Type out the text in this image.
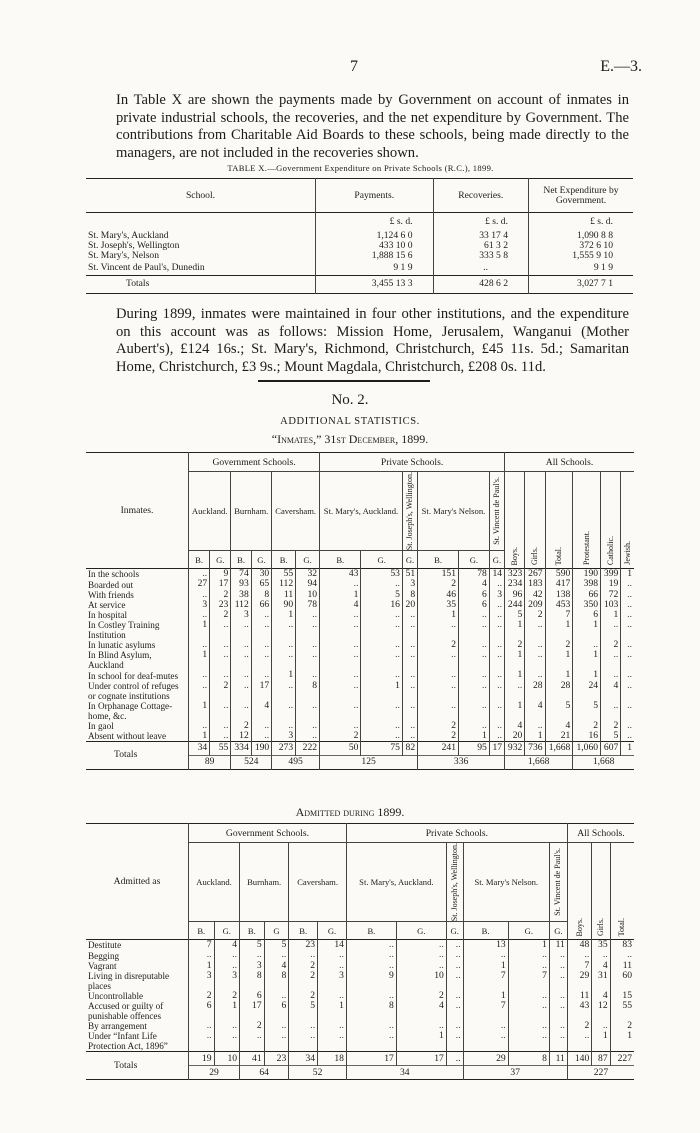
7	E.—3.
In Table X are shown the payments made by Government on account of inmates in private industrial schools, the recoveries, and the net expenditure by Government. The contributions from Charitable Aid Boards to these schools, being made directly to the managers, are not included in the recoveries shown.
TABLE X.—Government Expenditure on Private Schools (R.C.), 1899.
School.	Payments.	Recoveries.	Net Expenditure by Government.
	£ s. d.	£ s. d.	£ s. d.
St. Mary's, Auckland	1,124 6 0	33 17 4	1,090 8 8
St. Joseph's, Wellington	433 10 0	61 3 2	372 6 10
St. Mary's, Nelson	1,888 15 6	333 5 8	1,555 9 10
St. Vincent de Paul's, Dunedin	9 1 9	..	9 1 9
Totals	3,455 13 3	428 6 2	3,027 7 1
During 1899, inmates were maintained in four other institutions, and the expenditure on this account was as follows: Mission Home, Jerusalem, Wanganui (Mother Aubert's), £124 16s.; St. Mary's, Richmond, Christchurch, £45 11s. 5d.; Samaritan Home, Christchurch, £3 9s.; Mount Magdala, Christchurch, £208 0s. 11d.
No. 2.
ADDITIONAL STATISTICS.
“Inmates,” 31st December, 1899.
Inmates.	Government Schools.						Private Schools.						All Schools.					

	Auckland.		Burnham.		Caversham.		St. Mary's, Auckland.		St. Joseph's, Wellington.	St. Mary's Nelson.		St. Vincent de Paul's.	Boys.	Girls.	Total.	Protestant.	Catholic.	Jewish.

	B.	G.	B.	G.	B.	G.	B.	G.	G.	B.	G.	G.						
In the schools	..	9	74	30	55	32	43	53	51	151	78	14	323	267	590	190	399	1
Boarded out	27	17	93	65	112	94	..	..	3	2	4	..	234	183	417	398	19	..
With friends	..	2	38	8	11	10	1	5	8	46	6	3	96	42	138	66	72	..
At service	3	23	112	66	90	78	4	16	20	35	6	..	244	209	453	350	103	..
In hospital	..	2	3	..	1	..	..	..	..	1	..	..	5	2	7	6	1	..
In Costley Training Institution	1	..	..	..	..	..	..	..	..	..	..	..	1	..	1	1	..	..
In lunatic asylums	..	..	..	..	..	..	..	..	..	2	..	..	2	..	2	..	2	..
In Blind Asylum, Auckland	1	..	..	..	..	..	..	..	..	..	..	..	1	..	1	1	..	..
In school for deaf-mutes	..	..	..	..	1	..	..	..	..	..	..	..	1	..	1	1	..	..
Under control of refuges or cognate institutions	..	2	..	17	..	8	..	1	..	..	..	..	..	28	28	24	4	..
In Orphanage Cottage-home, &c.	1	..	..	4	..	..	..	..	..	..	..	..	1	4	5	5	..	..
In gaol	..	..	2	..	..	..	..	..	..	2	..	..	4	..	4	2	2	..
Absent without leave	1	..	12	..	3	..	2	..	..	2	1	..	20	1	21	16	5	..
Totals	34	55	334	190	273	222	50	75	82	241	95	17	932	736	1,668	1,060	607	1
	89		524		495		125			336			1,668			1,668		
Admitted during 1899.
Admitted as	Government Schools.						Private Schools.						All Schools.		

	Auckland.		Burnham.		Caversham.		St. Mary's, Auckland.		St. Joseph's, Wellington.	St. Mary's Nelson.		St. Vincent de Paul's.	Boys.	Girls.	Total.

	B.	G.	B.	G	B.	G.	B.	G.	G.	B.	G.	G.			
Destitute	7	4	5	5	23	14	..	..	..	13	1	11	48	35	83
Begging	..	..	..	..	..	..	..	..	..	..	..	..	..	..	..
Vagrant	1	..	3	4	2	..	..	..	..	1	..	..	7	4	11
Living in disreputable places	3	3	8	8	2	3	9	10	..	7	7	..	29	31	60
Uncontrollable	2	2	6	..	2	..	..	2	..	1	..	..	11	4	15
Accused or guilty of punishable offences	6	1	17	6	5	1	8	4	..	7	..	..	43	12	55
By arrangement	..	..	2	..	..	..	..	..	..	..	..	..	2	..	2
Under “Infant Life Protection Act, 1896”	..	..	..	..	..	..	..	1	..	..	..	..	..	1	1
Totals	19	10	41	23	34	18	17	17	..	29	8	11	140	87	227
	29		64		52		34			37			227		
